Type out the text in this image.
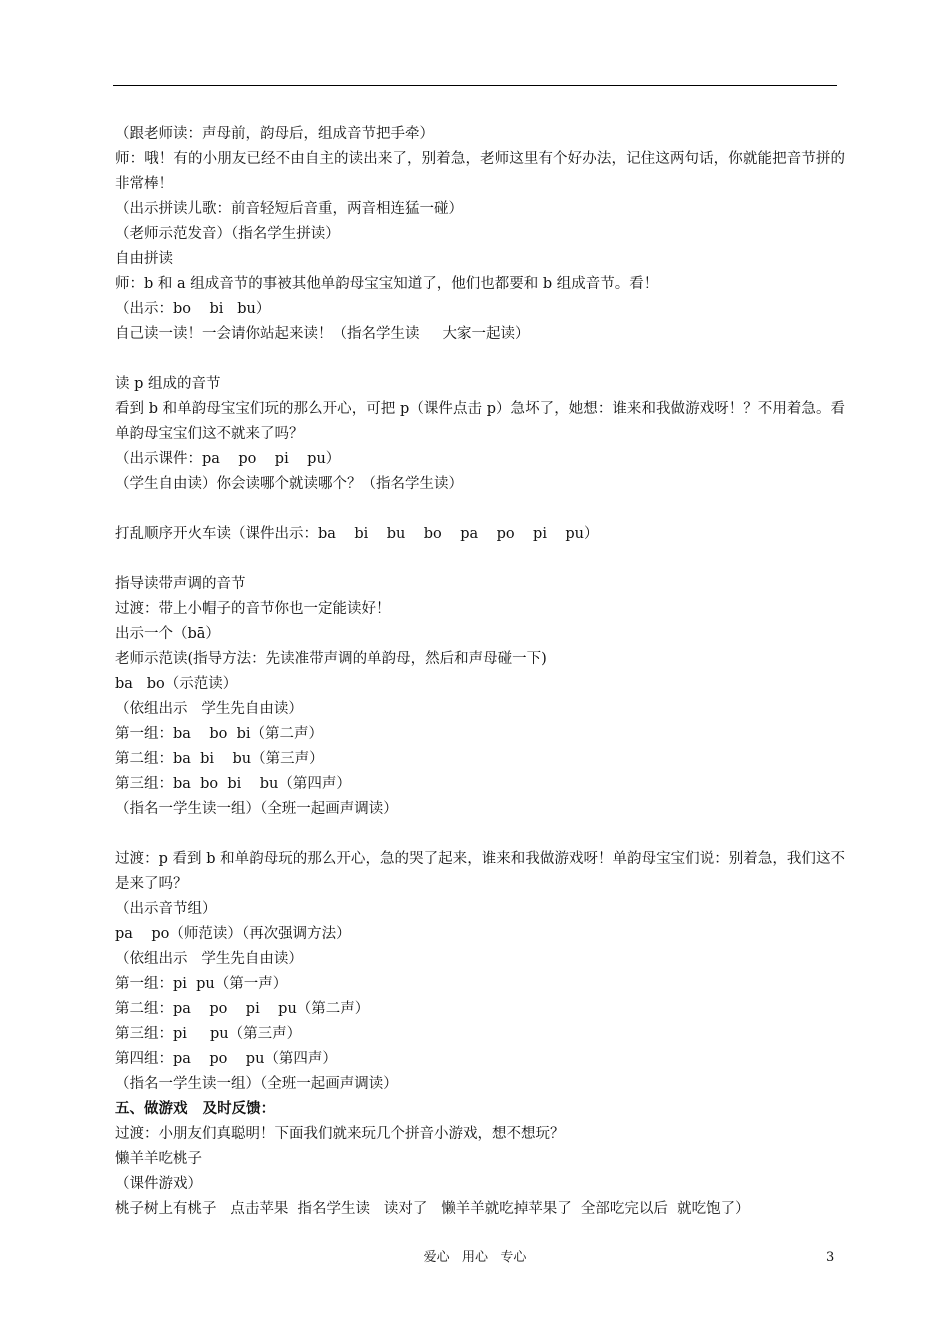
（跟老师读：声母前，韵母后，组成音节把手牵）
师：哦！有的小朋友已经不由自主的读出来了，别着急，老师这里有个好办法，记住这两句话，你就能把音节拼的非常棒！
（出示拼读儿歌：前音轻短后音重，两音相连猛一碰）
（老师示范发音）（指名学生拼读）
自由拼读
师：b 和 a 组成音节的事被其他单韵母宝宝知道了，他们也都要和 b 组成音节。看！
（出示：bo    bi   bu）
自己读一读！一会请你站起来读！（指名学生读     大家一起读）
读 p 组成的音节
看到 b 和单韵母宝宝们玩的那么开心，可把 p（课件点击 p）急坏了，她想：谁来和我做游戏呀！？不用着急。看单韵母宝宝们这不就来了吗？
（出示课件：pa    po    pi    pu）
（学生自由读）你会读哪个就读哪个？（指名学生读）
打乱顺序开火车读（课件出示：ba    bi    bu    bo    pa    po    pi    pu）
指导读带声调的音节
过渡：带上小帽子的音节你也一定能读好！
出示一个（bā）
老师示范读(指导方法：先读准带声调的单韵母，然后和声母碰一下)
ba   bo（示范读）
（依组出示   学生先自由读）
第一组：ba    bo  bi（第二声）
第二组：ba  bi    bu（第三声）
第三组：ba  bo  bi    bu（第四声）
（指名一学生读一组）（全班一起画声调读）
过渡：p 看到 b 和单韵母玩的那么开心，急的哭了起来，谁来和我做游戏呀！单韵母宝宝们说：别着急，我们这不是来了吗？
（出示音节组）
pa    po（师范读）（再次强调方法）
（依组出示   学生先自由读）
第一组：pi  pu（第一声）
第二组：pa    po    pi    pu（第二声）
第三组：pi     pu（第三声）
第四组：pa    po    pu（第四声）
（指名一学生读一组）（全班一起画声调读）
五、做游戏   及时反馈：
过渡：小朋友们真聪明！下面我们就来玩几个拼音小游戏，想不想玩？
懒羊羊吃桃子
（课件游戏）
桃子树上有桃子   点击苹果  指名学生读   读对了   懒羊羊就吃掉苹果了  全部吃完以后  就吃饱了）
爱心   用心   专心	3
